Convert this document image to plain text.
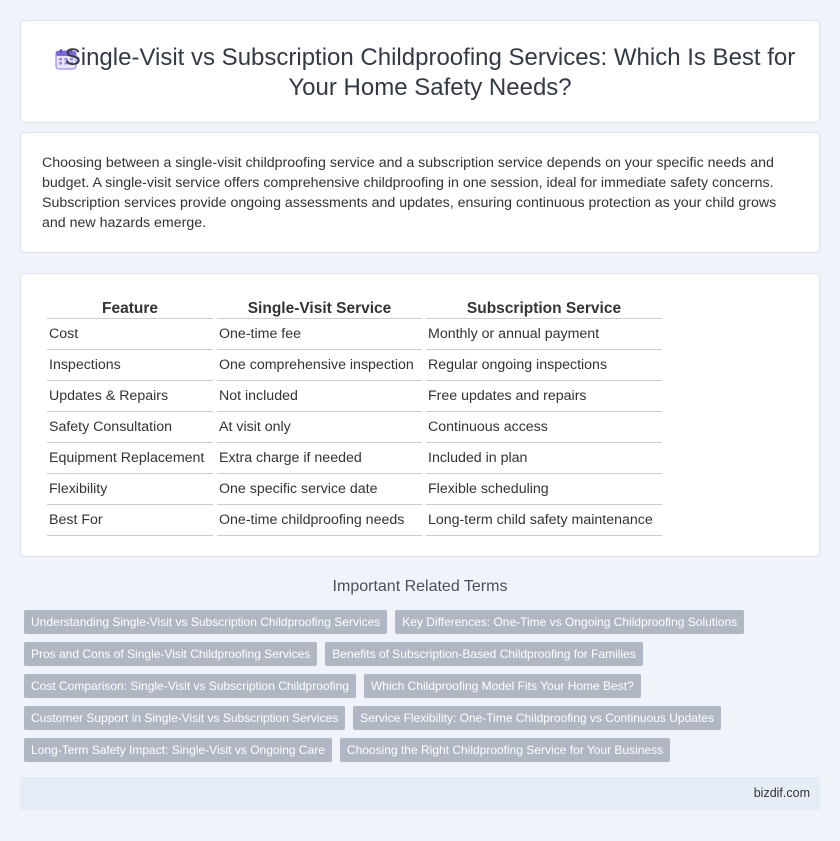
Single-Visit vs Subscription Childproofing Services: Which Is Best for Your Home Safety Needs?

Choosing between a single-visit childproofing service and a subscription service depends on your specific needs and budget. A single-visit service offers comprehensive childproofing in one session, ideal for immediate safety concerns. Subscription services provide ongoing assessments and updates, ensuring continuous protection as your child grows and new hazards emerge.

Feature	Single-Visit Service	Subscription Service
Cost	One-time fee	Monthly or annual payment
Inspections	One comprehensive inspection	Regular ongoing inspections
Updates & Repairs	Not included	Free updates and repairs
Safety Consultation	At visit only	Continuous access
Equipment Replacement	Extra charge if needed	Included in plan
Flexibility	One specific service date	Flexible scheduling
Best For	One-time childproofing needs	Long-term child safety maintenance
Important Related Terms
Understanding Single-Visit vs Subscription Childproofing Services	Key Differences: One-Time vs Ongoing Childproofing Solutions
Pros and Cons of Single-Visit Childproofing Services	Benefits of Subscription-Based Childproofing for Families
Cost Comparison: Single-Visit vs Subscription Childproofing	Which Childproofing Model Fits Your Home Best?
Customer Support in Single-Visit vs Subscription Services	Service Flexibility: One-Time Childproofing vs Continuous Updates
Long-Term Safety Impact: Single-Visit vs Ongoing Care	Choosing the Right Childproofing Service for Your Business
bizdif.com
